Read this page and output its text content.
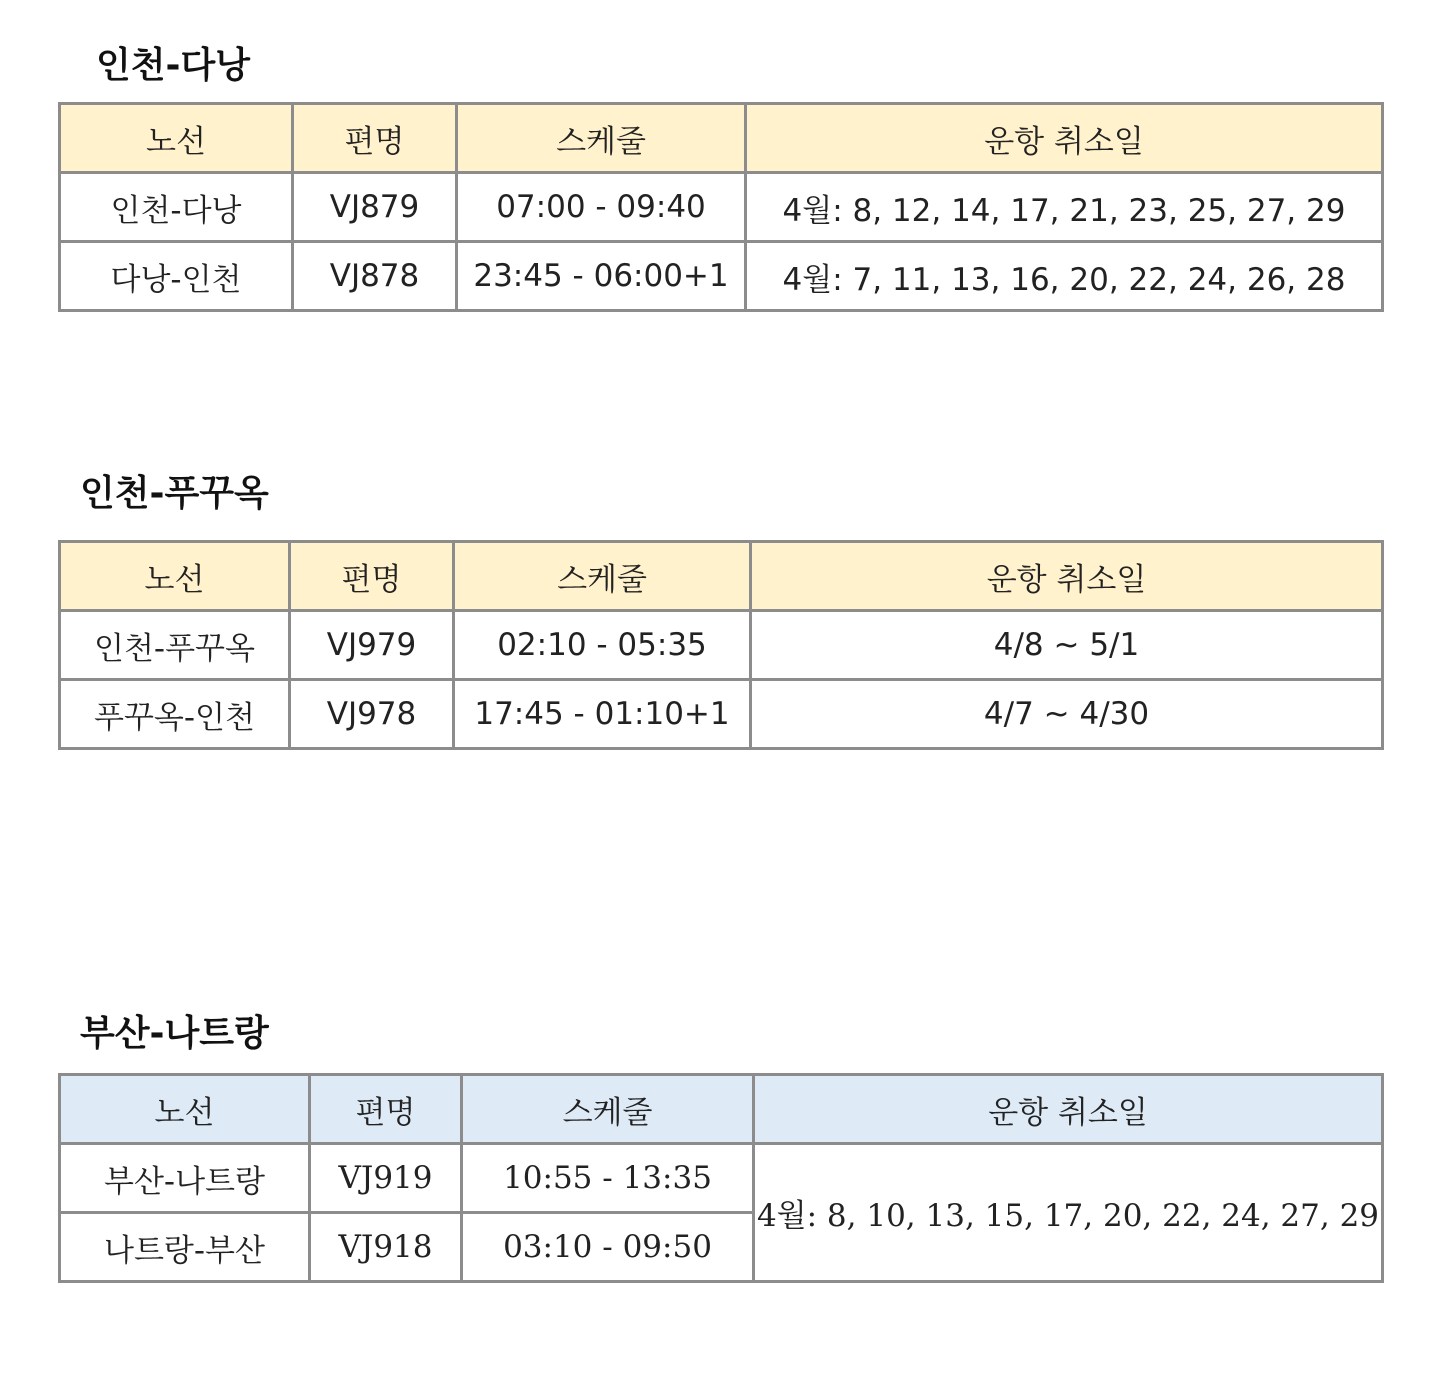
인천-다낭
노선	편명	스케줄	운항 취소일
인천-다낭	VJ879	07:00 - 09:40	4월: 8, 12, 14, 17, 21, 23, 25, 27, 29
다낭-인천	VJ878	23:45 - 06:00+1	4월: 7, 11, 13, 16, 20, 22, 24, 26, 28
인천-푸꾸옥
노선	편명	스케줄	운항 취소일
인천-푸꾸옥	VJ979	02:10 - 05:35	4/8 ~ 5/1
푸꾸옥-인천	VJ978	17:45 - 01:10+1	4/7 ~ 4/30
부산-나트랑
노선	편명	스케줄	운항 취소일
부산-나트랑	VJ919	10:55 - 13:35	4월: 8, 10, 13, 15, 17, 20, 22, 24, 27, 29
나트랑-부산	VJ918	03:10 - 09:50	
